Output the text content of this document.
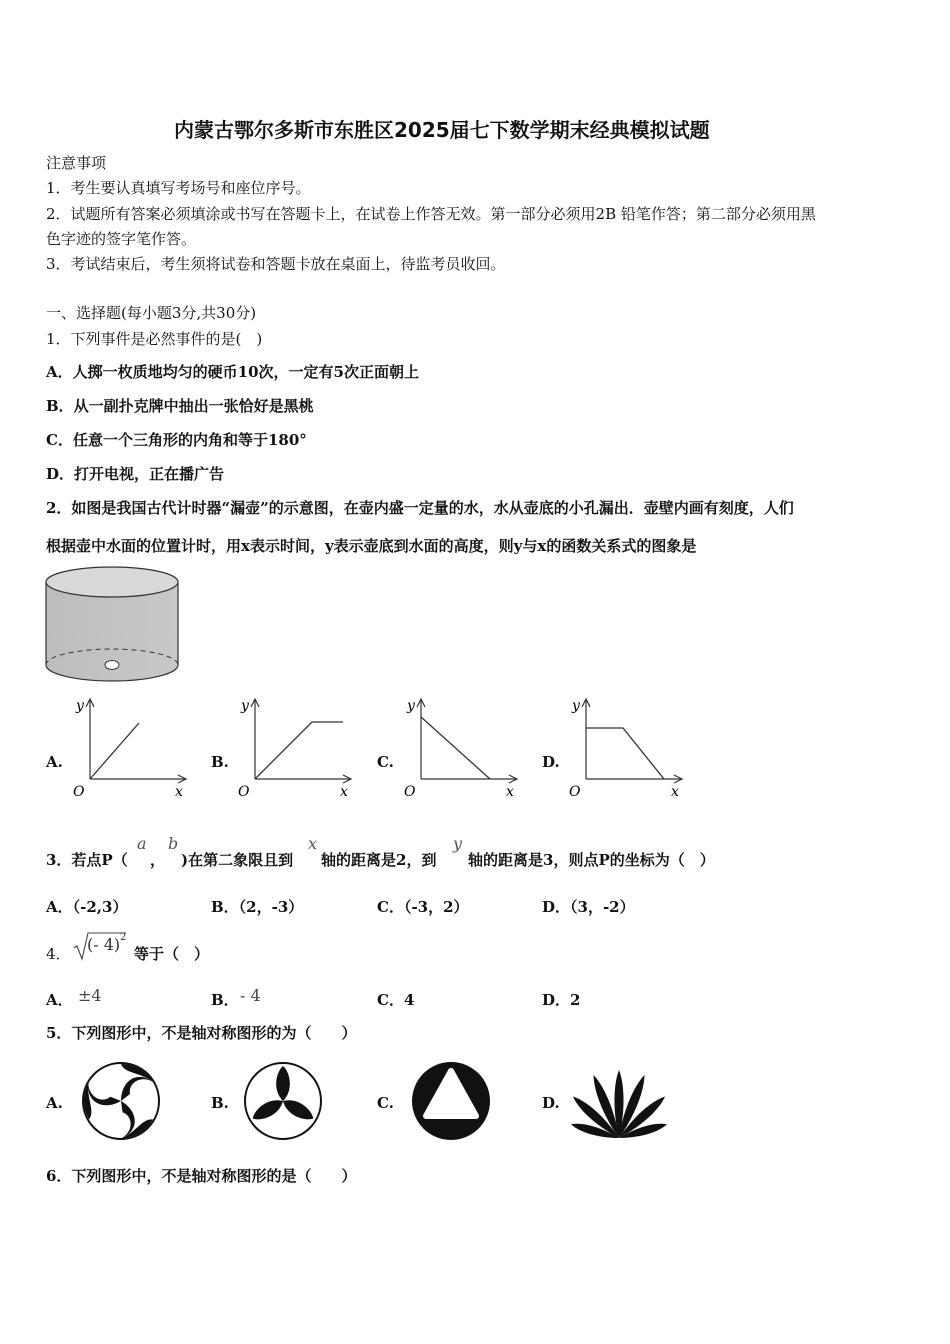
内蒙古鄂尔多斯市东胜区2025届七下数学期末经典模拟试题
注意事项
1．考生要认真填写考场号和座位序号。
2．试题所有答案必须填涂或书写在答题卡上，在试卷上作答无效。第一部分必须用2B 铅笔作答；第二部分必须用黑
色字迹的签字笔作答。
3．考试结束后，考生须将试卷和答题卡放在桌面上，待监考员收回。
一、选择题(每小题3分,共30分)
1．下列事件是必然事件的是(　)
A．人掷一枚质地均匀的硬币10次，一定有5次正面朝上
B．从一副扑克牌中抽出一张恰好是黑桃
C．任意一个三角形的内角和等于180°
D．打开电视，正在播广告
2．如图是我国古代计时器“漏壶”的示意图，在壶内盛一定量的水，水从壶底的小孔漏出．壶壁内画有刻度，人们
根据壶中水面的位置计时，用x表示时间，y表示壶底到水面的高度，则y与x的函数关系式的图象是
A.
y
x
O
B.
y
x
O
C.
y
x
O
D.
y
x
O
3．若点P（
a
，
b
)在第二象限且到
x
轴的距离是2，到
y
轴的距离是3，则点P的坐标为（　）
A．（-2,3）	B．（2，-3）	C．（-3，2）	D．（3，-2）
4． (- 4) 2
等于（　）
A． ±4	B． - 4	C．4	D．2
5．下列图形中，不是轴对称图形的为（　　）
A.	B.	C.	D.
6．下列图形中，不是轴对称图形的是（　　）
